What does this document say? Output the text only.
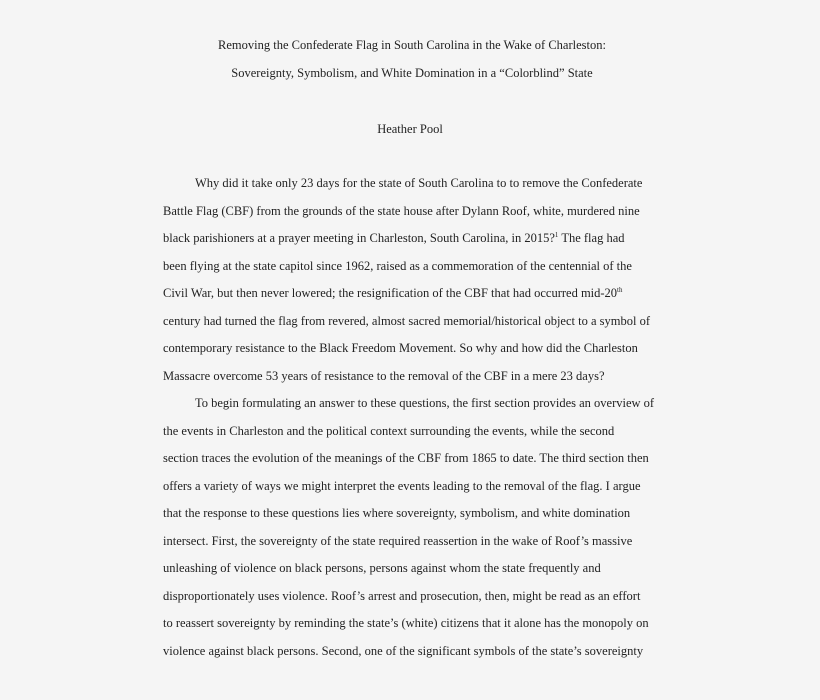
Removing the Confederate Flag in South Carolina in the Wake of Charleston:
Sovereignty, Symbolism, and White Domination in a “Colorblind” State
Heather Pool
Why did it take only 23 days for the state of South Carolina to to remove the Confederate
Battle Flag (CBF) from the grounds of the state house after Dylann Roof, white, murdered nine
black parishioners at a prayer meeting in Charleston, South Carolina, in 2015?$^1$ The flag had
been flying at the state capitol since 1962, raised as a commemoration of the centennial of the
Civil War, but then never lowered; the resignification of the CBF that had occurred mid-20th
century had turned the flag from revered, almost sacred memorial/historical object to a symbol of
contemporary resistance to the Black Freedom Movement. So why and how did the Charleston
Massacre overcome 53 years of resistance to the removal of the CBF in a mere 23 days?
To begin formulating an answer to these questions, the first section provides an overview of
the events in Charleston and the political context surrounding the events, while the second
section traces the evolution of the meanings of the CBF from 1865 to date. The third section then
offers a variety of ways we might interpret the events leading to the removal of the flag. I argue
that the response to these questions lies where sovereignty, symbolism, and white domination
intersect. First, the sovereignty of the state required reassertion in the wake of Roof’s massive
unleashing of violence on black persons, persons against whom the state frequently and
disproportionately uses violence. Roof’s arrest and prosecution, then, might be read as an effort
to reassert sovereignty by reminding the state’s (white) citizens that it alone has the monopoly on
violence against black persons. Second, one of the significant symbols of the state’s sovereignty
